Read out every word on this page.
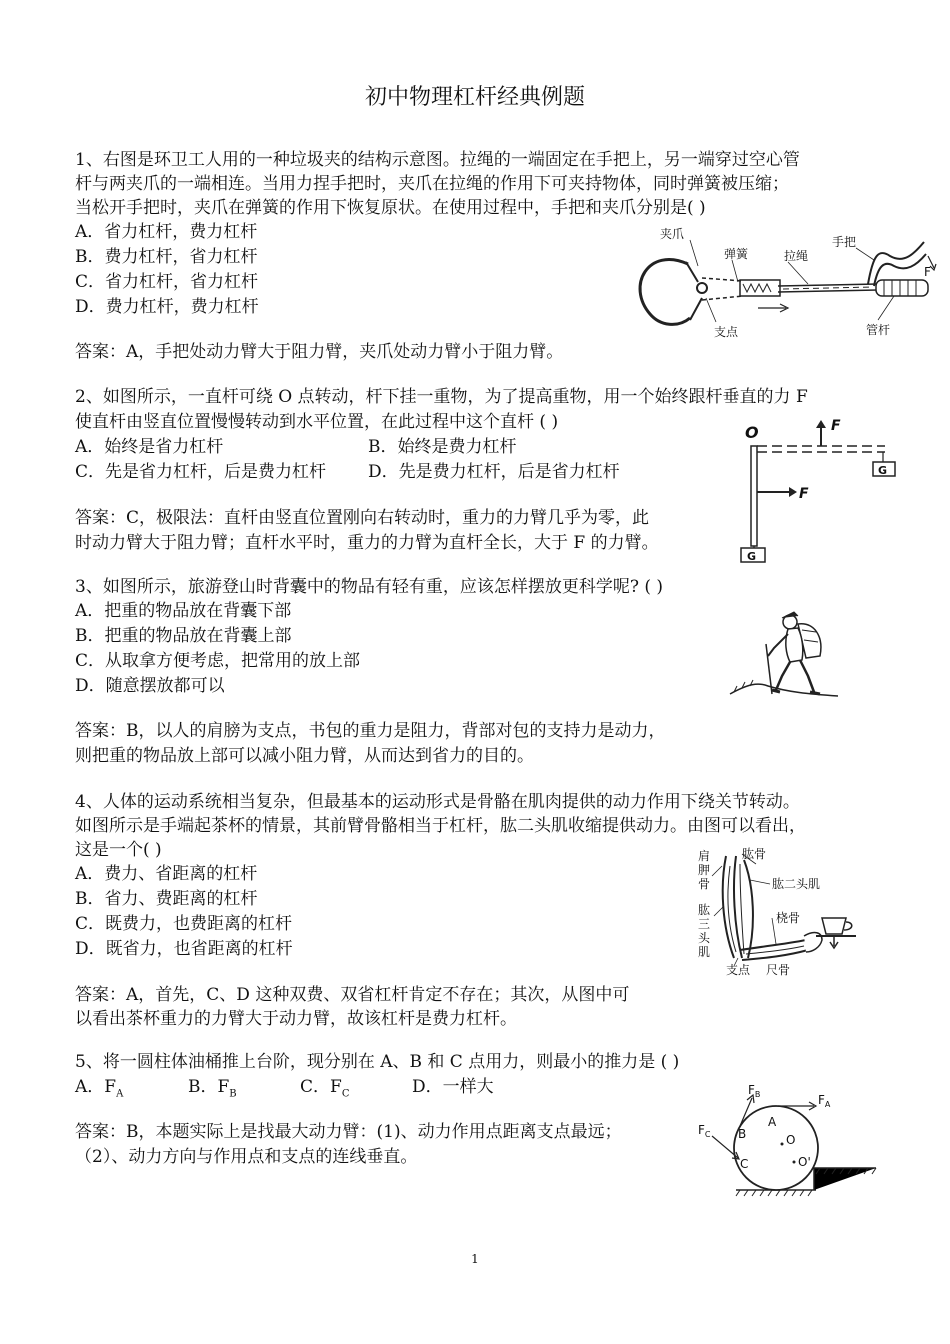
初中物理杠杆经典例题
1、右图是环卫工人用的一种垃圾夹的结构示意图。拉绳的一端固定在手把上，另一端穿过空心管
杆与两夹爪的一端相连。当用力捏手把时，夹爪在拉绳的作用下可夹持物体，同时弹簧被压缩；
当松开手把时，夹爪在弹簧的作用下恢复原状。在使用过程中，手把和夹爪分别是( )
A．省力杠杆，费力杠杆
B．费力杠杆，省力杠杆
C．省力杠杆，省力杠杆
D．费力杠杆，费力杠杆
答案：A，手把处动力臂大于阻力臂，夹爪处动力臂小于阻力臂。
夹爪
弹簧	拉绳
手把
F
支点	管杆
2、如图所示，一直杆可绕 O 点转动，杆下挂一重物，为了提高重物，用一个始终跟杆垂直的力 F
使直杆由竖直位置慢慢转动到水平位置，在此过程中这个直杆 ( )
A．始终是省力杠杆	B．始终是费力杠杆
C．先是省力杠杆，后是费力杠杆 D．先是费力杠杆，后是省力杠杆
答案：C，极限法：直杆由竖直位置刚向右转动时，重力的力臂几乎为零，此
时动力臂大于阻力臂；直杆水平时，重力的力臂为直杆全长，大于 F 的力臂。
O	F
F
G
G
3、如图所示，旅游登山时背囊中的物品有轻有重，应该怎样摆放更科学呢? ( )
A．把重的物品放在背囊下部
B．把重的物品放在背囊上部
C．从取拿方便考虑，把常用的放上部
D．随意摆放都可以
答案：B，以人的肩膀为支点，书包的重力是阻力，背部对包的支持力是动力，
则把重的物品放上部可以减小阻力臂，从而达到省力的目的。
4、人体的运动系统相当复杂，但最基本的运动形式是骨骼在肌肉提供的动力作用下绕关节转动。
如图所示是手端起茶杯的情景，其前臂骨骼相当于杠杆，肱二头肌收缩提供动力。由图可以看出，
这是一个( )
A．费力、省距离的杠杆
B．省力、费距离的杠杆
C．既费力，也费距离的杠杆
D．既省力，也省距离的杠杆
答案：A，首先，C、D 这种双费、双省杠杆肯定不存在；其次，从图中可
以看出茶杯重力的力臂大于动力臂，故该杠杆是费力杠杆。
肩
胛
骨
肱骨
肱二头肌
桡骨
肱
三
头
肌
支点 尺骨
5、将一圆柱体油桶推上台阶，现分别在 A、B 和 C 点用力，则最小的推力是 ( )
A．$F_A$	B．$F_B$	C．$F_C$	D．一样大
答案：B，本题实际上是找最大动力臂：(1)、动力作用点距离支点最远；
（2）、动力方向与作用点和支点的连线垂直。
O
O'
A
B
C
$F_A$
$F_B$
$F_C$
1
